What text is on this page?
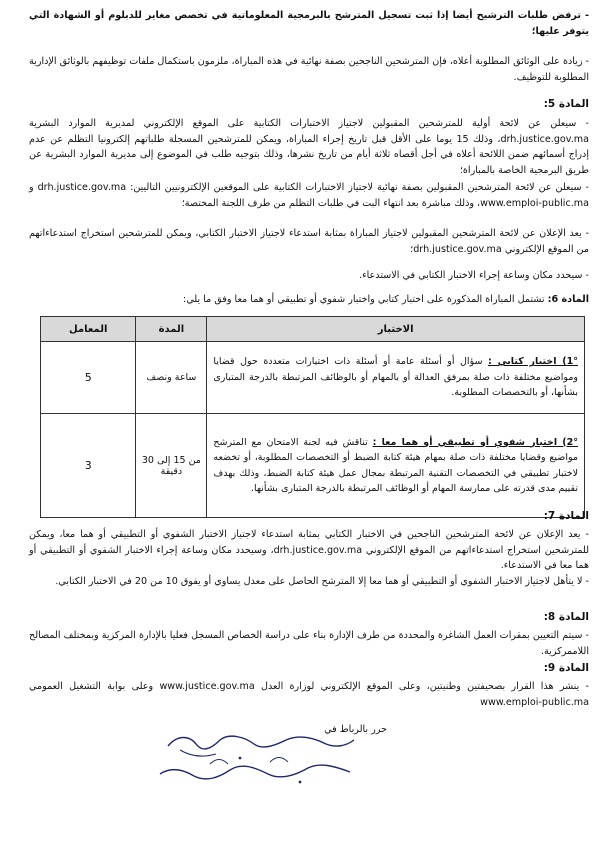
- ترفض طلبات الترشيح أيضا إذا ثبت تسجيل المترشح بالبرمجية المعلوماتية في تخصص مغاير للدبلوم أو الشهادة التي يتوفر عليها؛
- زيادة على الوثائق المطلوبة أعلاه، فإن المترشحين الناجحين بصفة نهائية في هذه المباراة، ملزمون باستكمال ملفات توظيفهم بالوثائق الإدارية المطلوبة للتوظيف.
المادة 5:
- سيعلن عن لائحة أولية للمترشحين المقبولين لاجتياز الاختبارات الكتابية على الموقع الإلكتروني لمديرية الموارد البشرية drh.justice.gov.ma، وذلك 15 يوما على الأقل قبل تاريخ إجراء المباراة، ويمكن للمترشحين المسجلة طلباتهم إلكترونيا التظلم عن عدم إدراج أسمائهم ضمن اللائحة أعلاه في أجل أقصاه ثلاثة أيام من تاريخ نشرها، وذلك بتوجيه طلب في الموضوع إلى مديرية الموارد البشرية عن طريق البرمجية الخاصة بالمباراة؛
- سيعلن عن لائحة المترشحين المقبولين بصفة نهائية لاجتياز الاختبارات الكتابية على الموقعين الإلكترونيين التاليين: drh.justice.gov.ma و www.emploi-public.ma، وذلك مباشرة بعد انتهاء البت في طلبات التظلم من طرف اللجنة المختصة؛
- يعد الإعلان عن لائحة المترشحين المقبولين لاجتياز المباراة بمثابة استدعاء لاجتياز الاختبار الكتابي، ويمكن للمترشحين استخراج استدعاءاتهم من الموقع الإلكتروني drh.justice.gov.ma؛
- سيحدد مكان وساعة إجراء الاختبار الكتابي في الاستدعاء.
المادة 6: تشتمل المباراة المذكورة على اختبار كتابي واختبار شفوي أو تطبيقي أو هما معا وفق ما يلي:
الاختبار	المدة	المعامل
1°) اختبار كتابي : سؤال أو أسئلة عامة أو أسئلة ذات اختيارات متعددة حول قضايا ومواضيع مختلفة ذات صلة بمرفق العدالة أو بالمهام أو بالوظائف المرتبطة بالدرجة المتبارى بشأنها، أو بالتخصصات المطلوبة.	ساعة ونصف	5
2°) اختبار شفوي أو تطبيقي أو هما معا : تناقش فيه لجنة الامتحان مع المترشح مواضيع وقضايا مختلفة ذات صلة بمهام هيئة كتابة الضبط أو التخصصات المطلوبة، أو تخضعه لاختبار تطبيقي في التخصصات التقنية المرتبطة بمجال عمل هيئة كتابة الضبط، وذلك بهدف تقييم مدى قدرته على ممارسة المهام أو الوظائف المرتبطة بالدرجة المتبارى بشأنها.	من 15 إلى 30 دقيقة	3
المادة 7:
- يعد الإعلان عن لائحة المترشحين الناجحين في الاختبار الكتابي بمثابة استدعاء لاجتياز الاختبار الشفوي أو التطبيقي أو هما معا، ويمكن للمترشحين استخراج استدعاءاتهم من الموقع الإلكتروني drh.justice.gov.ma، وسيحدد مكان وساعة إجراء الاختبار الشفوي أو التطبيقي أو هما معا في الاستدعاء.
- لا يتأهل لاجتياز الاختبار الشفوي أو التطبيقي أو هما معا إلا المترشح الحاصل على معدل يساوي أو يفوق 10 من 20 في الاختبار الكتابي.
المادة 8:
- سيتم التعيين بمقرات العمل الشاغرة والمحددة من طرف الإدارة بناء على دراسة الخصاص المسجل فعليا بالإدارة المركزية وبمختلف المصالح اللاممركزية.
المادة 9:
- ينشر هذا القرار بصحيفتين وطنيتين، وعلى الموقع الإلكتروني لوزارة العدل www.justice.gov.ma وعلى بوابة التشغيل العمومي www.emploi-public.ma
حرر بالرباط في
